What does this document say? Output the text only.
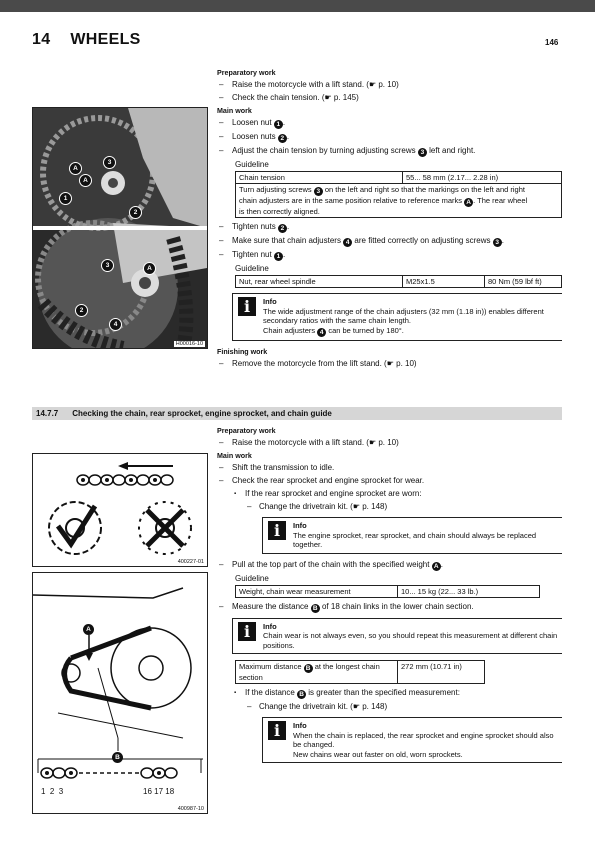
14 WHEELS	146
A
3
A
1
2
3	A
2
4
H00016-10
Preparatory work
– Raise the motorcycle with a lift stand. (☛ p. 10)
– Check the chain tension. (☛ p. 145)
Main work
– Loosen nut 1 .
– Loosen nuts 2 .
– Adjust the chain tension by turning adjusting screws 3 left and right.
Guideline
Chain tension	55... 58 mm (2.17... 2.28 in)

Turn adjusting screws 3 on the left and right so that the markings on the left and right chain adjusters are in the same position relative to reference marks A . The rear wheel is then correctly aligned.
– Tighten nuts 2 .
– Make sure that chain adjusters 4 are fitted correctly on adjusting screws 3 .
– Tighten nut 1 .
Guideline
Nut, rear wheel spindle	M25x1.5	80 Nm (59 lbf ft)
i	Info
The wide adjustment range of the chain adjusters (32 mm (1.18 in)) enables different secondary ratios with the same chain length.
Chain adjusters 4 can be turned by 180°.
Finishing work
– Remove the motorcycle from the lift stand. (☛ p. 10)
14.7.7 Checking the chain, rear sprocket, engine sprocket, and chain guide
400227-01
A
B
1  2  3	16 17 18
400987-10
Preparatory work
– Raise the motorcycle with a lift stand. (☛ p. 10)
Main work
– Shift the transmission to idle.
– Check the rear sprocket and engine sprocket for wear.
▪ If the rear sprocket and engine sprocket are worn:
– Change the drivetrain kit. (☛ p. 148)
i	Info
The engine sprocket, rear sprocket, and chain should always be replaced together.
– Pull at the top part of the chain with the specified weight A .
Guideline
Weight, chain wear measurement	10... 15 kg (22... 33 lb.)
– Measure the distance B of 18 chain links in the lower chain section.
i	Info
Chain wear is not always even, so you should repeat this measurement at different chain positions.
Maximum distance B at the longest chain section	272 mm (10.71 in)
▪ If the distance B is greater than the specified measurement:
– Change the drivetrain kit. (☛ p. 148)
i	Info
When the chain is replaced, the rear sprocket and engine sprocket should also be changed.
New chains wear out faster on old, worn sprockets.
